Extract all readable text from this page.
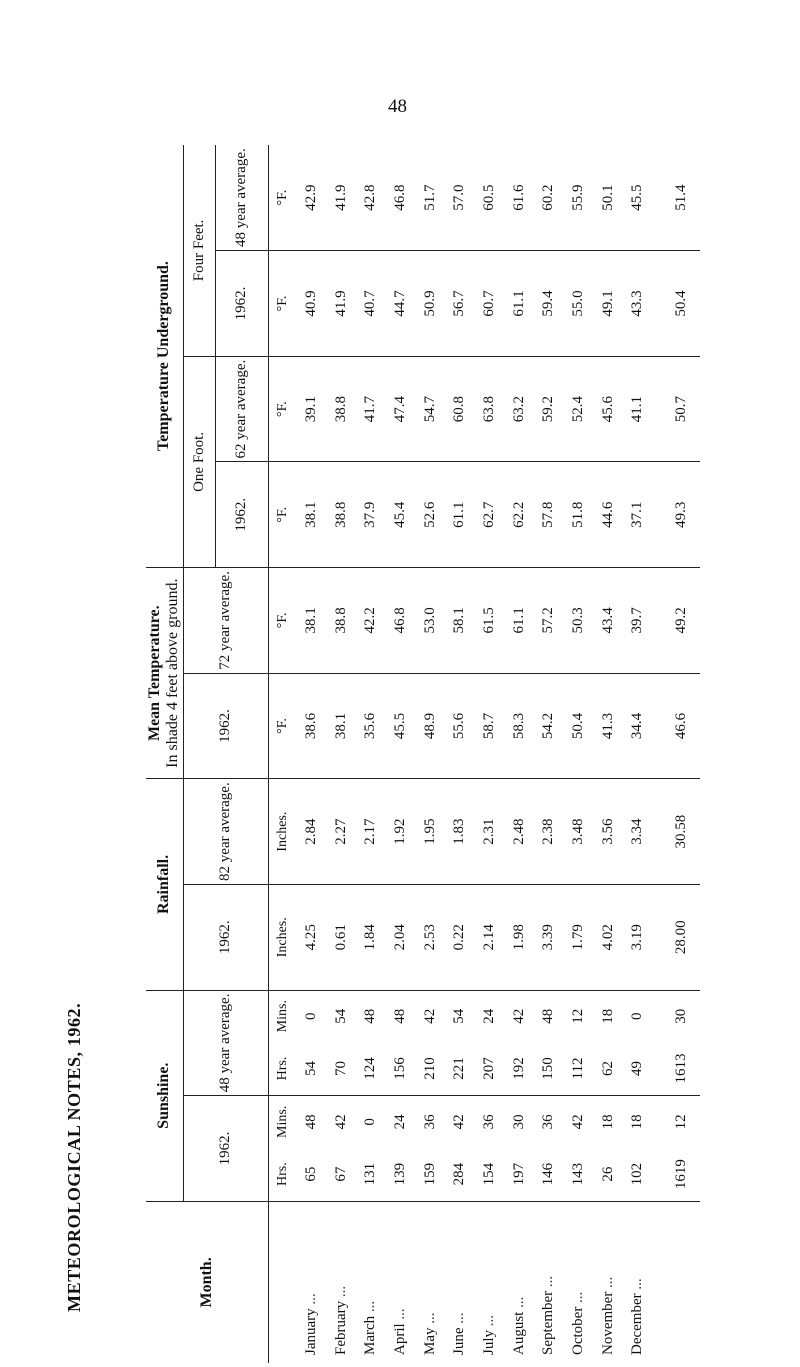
48
METEOROLOGICAL NOTES, 1962.	Month.	Sunshine.				Rainfall.		Mean Temperature. In shade 4 feet above ground.		Temperature Underground.			
	1962.		48 year average.		1962.	82 year average.	1962.	72 year average.	One Foot.		Four Feet.	
									1962.	62 year average.	1962.	48 year average.
	Hrs.	Mins.	Hrs.	Mins.	Inches.	Inches.	°F.	°F.	°F.	°F.	°F.	°F.
January ...	65	48	54	0	4.25	2.84	38.6	38.1	38.1	39.1	40.9	42.9
February ...	67	42	70	54	0.61	2.27	38.1	38.8	38.8	38.8	41.9	41.9
March ...	131	0	124	48	1.84	2.17	35.6	42.2	37.9	41.7	40.7	42.8
April ...	139	24	156	48	2.04	1.92	45.5	46.8	45.4	47.4	44.7	46.8
May ...	159	36	210	42	2.53	1.95	48.9	53.0	52.6	54.7	50.9	51.7
June ...	284	42	221	54	0.22	1.83	55.6	58.1	61.1	60.8	56.7	57.0
July ...	154	36	207	24	2.14	2.31	58.7	61.5	62.7	63.8	60.7	60.5
August ...	197	30	192	42	1.98	2.48	58.3	61.1	62.2	63.2	61.1	61.6
September ...	146	36	150	48	3.39	2.38	54.2	57.2	57.8	59.2	59.4	60.2
October ...	143	42	112	12	1.79	3.48	50.4	50.3	51.8	52.4	55.0	55.9
November ...	26	18	62	18	4.02	3.56	41.3	43.4	44.6	45.6	49.1	50.1
December ...	102	18	49	0	3.19	3.34	34.4	39.7	37.1	41.1	43.3	45.5
	1619	12	1613	30	28.00	30.58	46.6	49.2	49.3	50.7	50.4	51.4
